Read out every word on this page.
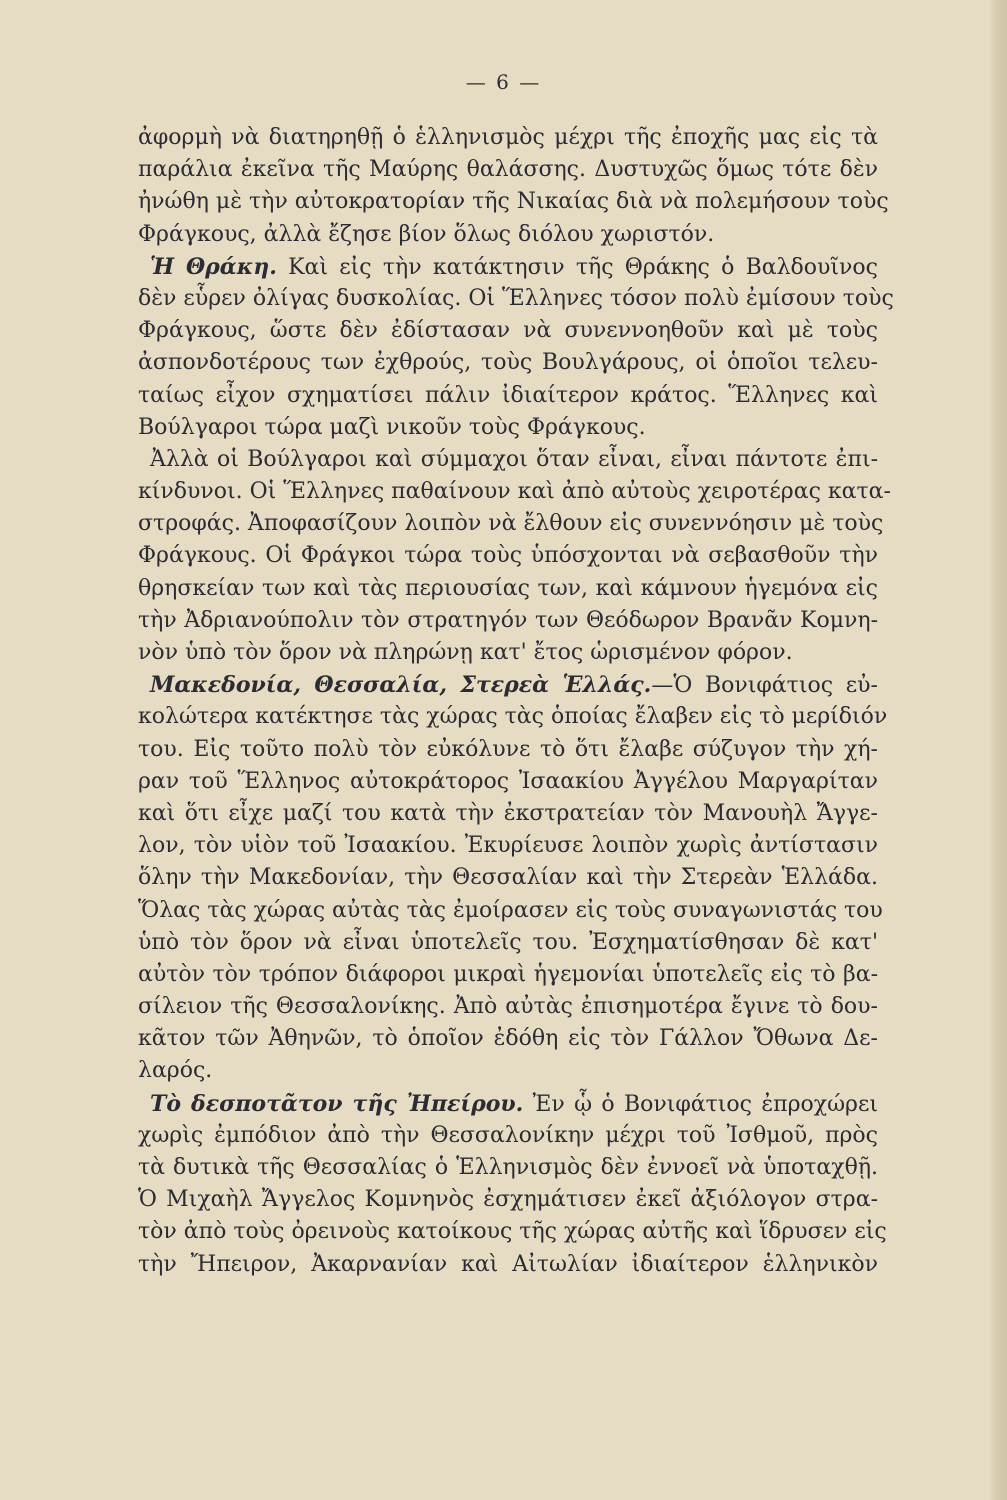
— 6 —
ἀφορμὴ νὰ διατηρηθῇ ὁ ἑλληνισμὸς μέχρι τῆς ἐποχῆς μας εἰς τὰ
παράλια ἐκεῖνα τῆς Μαύρης θαλάσσης. Δυστυχῶς ὅμως τότε δὲν
ἠνώθη μὲ τὴν αὐτοκρατορίαν τῆς Νικαίας διὰ νὰ πολεμήσουν τοὺς
Φράγκους, ἀλλὰ ἔζησε βίον ὅλως διόλου χωριστόν.
Ἡ Θράκη. Καὶ εἰς τὴν κατάκτησιν τῆς Θράκης ὁ Βαλδουῖνος
δὲν εὗρεν ὀλίγας δυσκολίας. Οἱ Ἕλληνες τόσον πολὺ ἐμίσουν τοὺς
Φράγκους, ὥστε δὲν ἐδίστασαν νὰ συνεννοηθοῦν καὶ μὲ τοὺς
ἀσπονδοτέρους των ἐχθρούς, τοὺς Βουλγάρους, οἱ ὁποῖοι τελευ-
ταίως εἶχον σχηματίσει πάλιν ἰδιαίτερον κράτος. Ἕλληνες καὶ
Βούλγαροι τώρα μαζὶ νικοῦν τοὺς Φράγκους.
Ἀλλὰ οἱ Βούλγαροι καὶ σύμμαχοι ὅταν εἶναι, εἶναι πάντοτε ἐπι-
κίνδυνοι. Οἱ Ἕλληνες παθαίνουν καὶ ἀπὸ αὐτοὺς χειροτέρας κατα-
στροφάς. Ἀποφασίζουν λοιπὸν νὰ ἔλθουν εἰς συνεννόησιν μὲ τοὺς
Φράγκους. Οἱ Φράγκοι τώρα τοὺς ὑπόσχονται νὰ σεβασθοῦν τὴν
θρησκείαν των καὶ τὰς περιουσίας των, καὶ κάμνουν ἡγεμόνα εἰς
τὴν Ἀδριανούπολιν τὸν στρατηγόν των Θεόδωρον Βρανᾶν Κομνη-
νὸν ὑπὸ τὸν ὅρον νὰ πληρώνῃ κατ' ἔτος ὡρισμένον φόρον.
Μακεδονία, Θεσσαλία, Στερεὰ Ἑλλάς.—Ὁ Βονιφάτιος εὐ-
κολώτερα κατέκτησε τὰς χώρας τὰς ὁποίας ἔλαβεν εἰς τὸ μερίδιόν
του. Εἰς τοῦτο πολὺ τὸν εὐκόλυνε τὸ ὅτι ἔλαβε σύζυγον τὴν χή-
ραν τοῦ Ἕλληνος αὐτοκράτορος Ἰσαακίου Ἀγγέλου Μαργαρίταν
καὶ ὅτι εἶχε μαζί του κατὰ τὴν ἐκστρατείαν τὸν Μανουὴλ Ἄγγε-
λον, τὸν υἱὸν τοῦ Ἰσαακίου. Ἐκυρίευσε λοιπὸν χωρὶς ἀντίστασιν
ὅλην τὴν Μακεδονίαν, τὴν Θεσσαλίαν καὶ τὴν Στερεὰν Ἑλλάδα.
Ὅλας τὰς χώρας αὐτὰς τὰς ἐμοίρασεν εἰς τοὺς συναγωνιστάς του
ὑπὸ τὸν ὅρον νὰ εἶναι ὑποτελεῖς του. Ἐσχηματίσθησαν δὲ κατ'
αὐτὸν τὸν τρόπον διάφοροι μικραὶ ἡγεμονίαι ὑποτελεῖς εἰς τὸ βα-
σίλειον τῆς Θεσσαλονίκης. Ἀπὸ αὐτὰς ἐπισημοτέρα ἔγινε τὸ δου-
κᾶτον τῶν Ἀθηνῶν, τὸ ὁποῖον ἐδόθη εἰς τὸν Γάλλον Ὄθωνα Δε-
λαρός.
Τὸ δεσποτᾶτον τῆς Ἠπείρου. Ἐν ᾧ ὁ Βονιφάτιος ἐπροχώρει
χωρὶς ἐμπόδιον ἀπὸ τὴν Θεσσαλονίκην μέχρι τοῦ Ἰσθμοῦ, πρὸς
τὰ δυτικὰ τῆς Θεσσαλίας ὁ Ἑλληνισμὸς δὲν ἐννοεῖ νὰ ὑποταχθῇ.
Ὁ Μιχαὴλ Ἄγγελος Κομνηνὸς ἐσχημάτισεν ἐκεῖ ἀξιόλογον στρα-
τὸν ἀπὸ τοὺς ὀρεινοὺς κατοίκους τῆς χώρας αὐτῆς καὶ ἵδρυσεν εἰς
τὴν Ἤπειρον, Ἀκαρνανίαν καὶ Αἰτωλίαν ἰδιαίτερον ἑλληνικὸν
